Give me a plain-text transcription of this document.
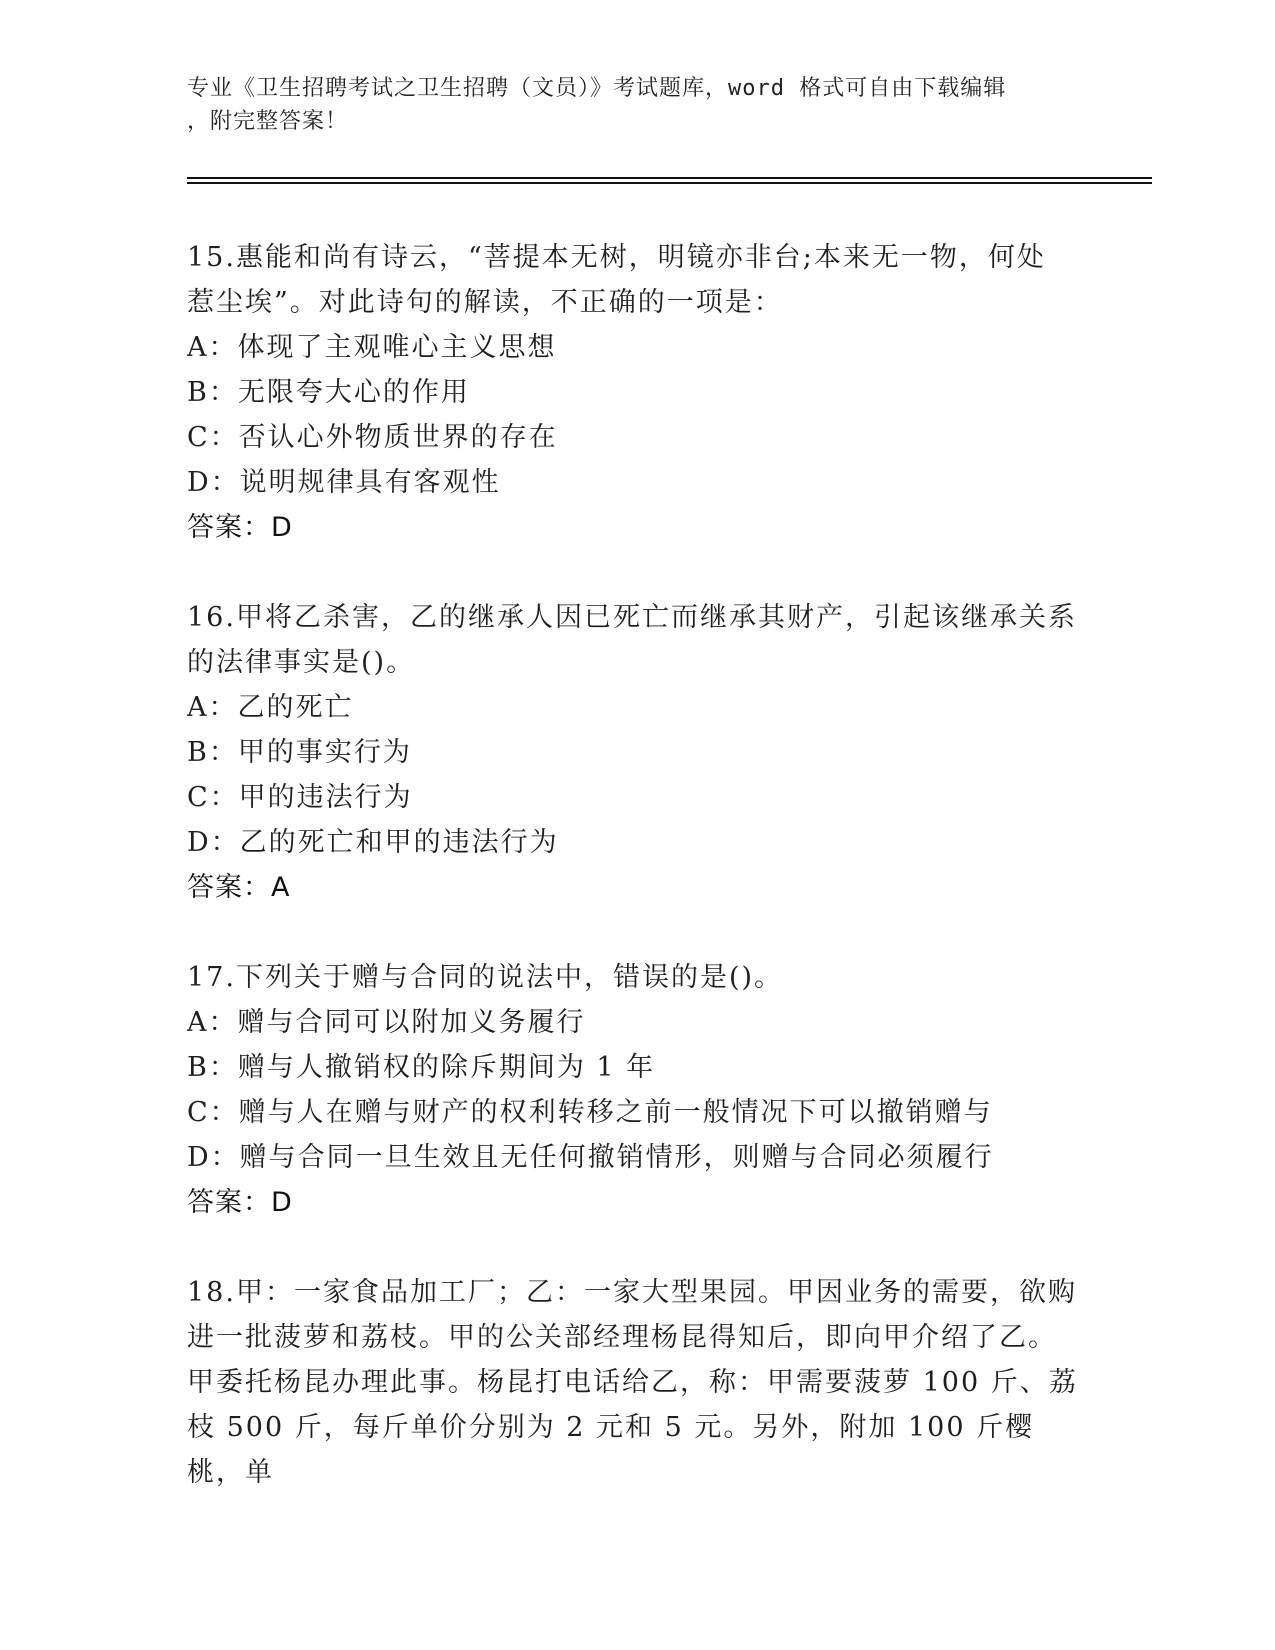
专业《卫生招聘考试之卫生招聘（文员）》考试题库，word 格式可自由下载编辑
，附完整答案！
15.惠能和尚有诗云，“菩提本无树，明镜亦非台;本来无一物，何处
惹尘埃”。对此诗句的解读，不正确的一项是：
A：体现了主观唯心主义思想
B：无限夸大心的作用
C：否认心外物质世界的存在
D：说明规律具有客观性
答案：D
16.甲将乙杀害，乙的继承人因已死亡而继承其财产，引起该继承关系
的法律事实是()。
A：乙的死亡
B：甲的事实行为
C：甲的违法行为
D：乙的死亡和甲的违法行为
答案：A
17.下列关于赠与合同的说法中，错误的是()。
A：赠与合同可以附加义务履行
B：赠与人撤销权的除斥期间为 1 年
C：赠与人在赠与财产的权利转移之前一般情况下可以撤销赠与
D：赠与合同一旦生效且无任何撤销情形，则赠与合同必须履行
答案：D
18.甲：一家食品加工厂；乙：一家大型果园。甲因业务的需要，欲购
进一批菠萝和荔枝。甲的公关部经理杨昆得知后，即向甲介绍了乙。
甲委托杨昆办理此事。杨昆打电话给乙，称：甲需要菠萝 100 斤、荔
枝 500 斤，每斤单价分别为 2 元和 5 元。另外，附加 100 斤樱桃，单
